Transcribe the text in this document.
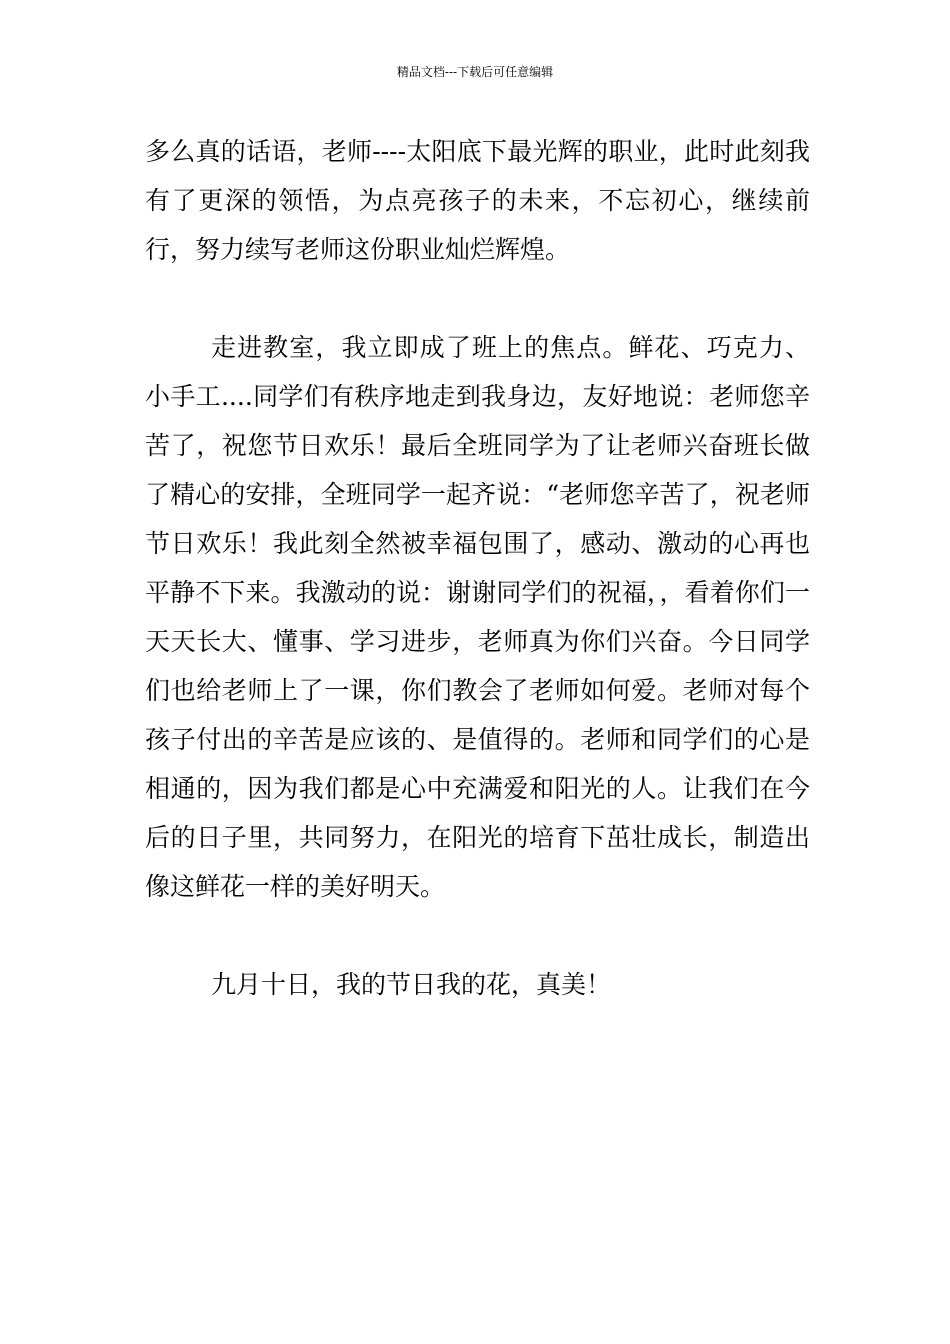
精品文档---下载后可任意编辑

多么真的话语，老师----太阳底下最光辉的职业，此时此刻我有了更深的领悟，为点亮孩子的未来，不忘初心，继续前行，努力续写老师这份职业灿烂辉煌。

走进教室，我立即成了班上的焦点。鲜花、巧克力、小手工....同学们有秩序地走到我身边，友好地说：老师您辛苦了，祝您节日欢乐！最后全班同学为了让老师兴奋班长做了精心的安排，全班同学一起齐说：“老师您辛苦了，祝老师节日欢乐！我此刻全然被幸福包围了，感动、激动的心再也平静不下来。我激动的说：谢谢同学们的祝福，，看着你们一天天长大、懂事、学习进步，老师真为你们兴奋。今日同学们也给老师上了一课，你们教会了老师如何爱。老师对每个孩子付出的辛苦是应该的、是值得的。老师和同学们的心是相通的，因为我们都是心中充满爱和阳光的人。让我们在今后的日子里，共同努力，在阳光的培育下茁壮成长，制造出像这鲜花一样的美好明天。

九月十日，我的节日我的花，真美！
